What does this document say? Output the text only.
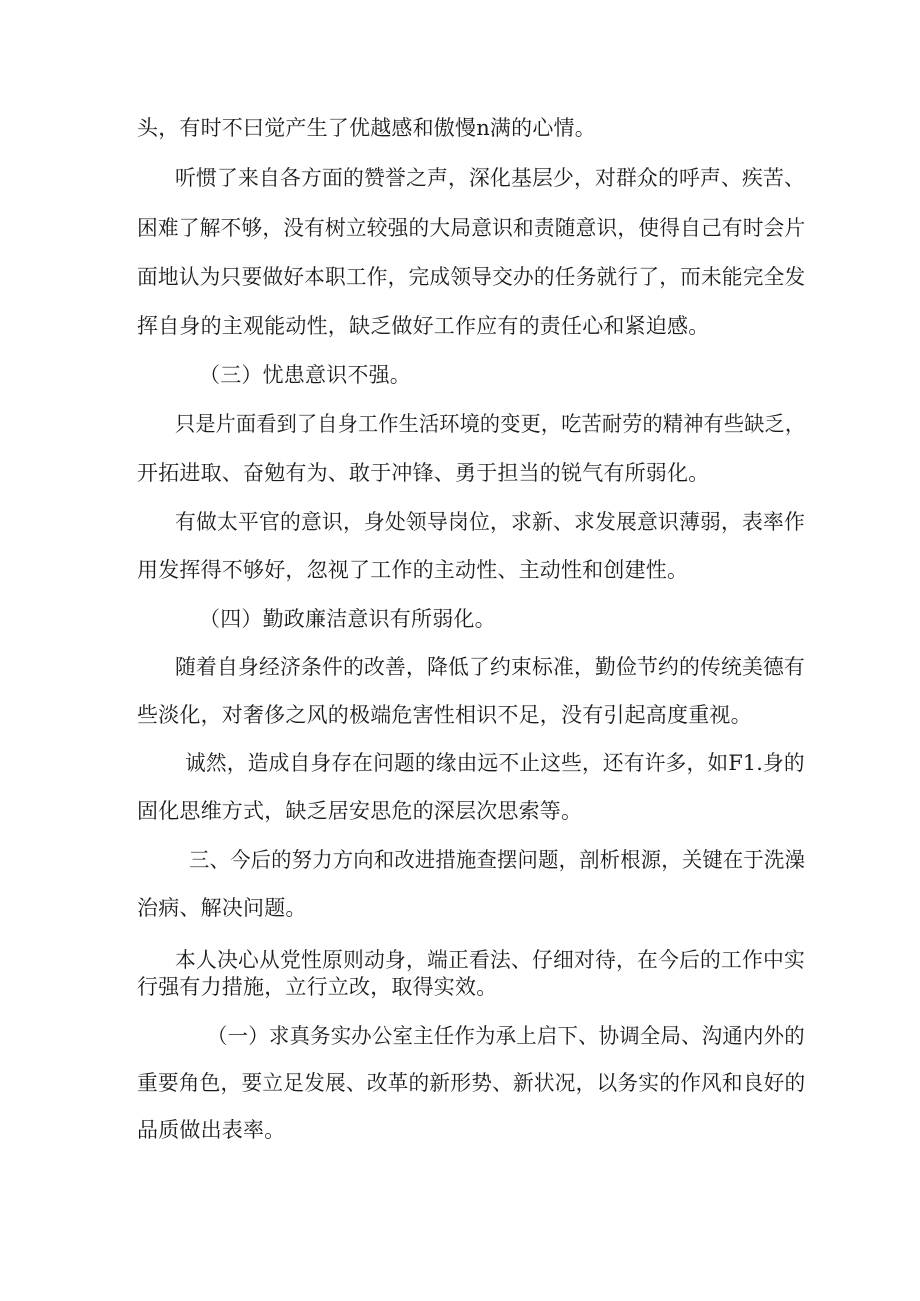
头，有时不曰觉产生了优越感和傲慢n满的心情。
听惯了来自各方面的赞誉之声，深化基层少，对群众的呼声、疾苦、
困难了解不够，没有树立较强的大局意识和责随意识，使得自己有时会片
面地认为只要做好本职工作，完成领导交办的任务就行了，而未能完全发
挥自身的主观能动性，缺乏做好工作应有的责任心和紧迫感。
（三）忧患意识不强。
只是片面看到了自身工作生活环境的变更，吃苦耐劳的精神有些缺乏，
开拓进取、奋勉有为、敢于冲锋、勇于担当的锐气有所弱化。
有做太平官的意识，身处领导岗位，求新、求发展意识薄弱，表率作
用发挥得不够好，忽视了工作的主动性、主动性和创建性。
（四）勤政廉洁意识有所弱化。
随着自身经济条件的改善，降低了约束标准，勤俭节约的传统美德有
些淡化，对奢侈之风的极端危害性相识不足，没有引起高度重视。
诚然，造成自身存在问题的缘由远不止这些，还有许多，如F1.身的
固化思维方式，缺乏居安思危的深层次思索等。
三、今后的努力方向和改进措施查摆问题，剖析根源，关键在于洗澡
治病、解决问题。
本人决心从党性原则动身，端正看法、仔细对待，在今后的工作中实
行强有力措施，立行立改，取得实效。
（一）求真务实办公室主任作为承上启下、协调全局、沟通内外的
重要角色，要立足发展、改革的新形势、新状况，以务实的作风和良好的
品质做出表率。
